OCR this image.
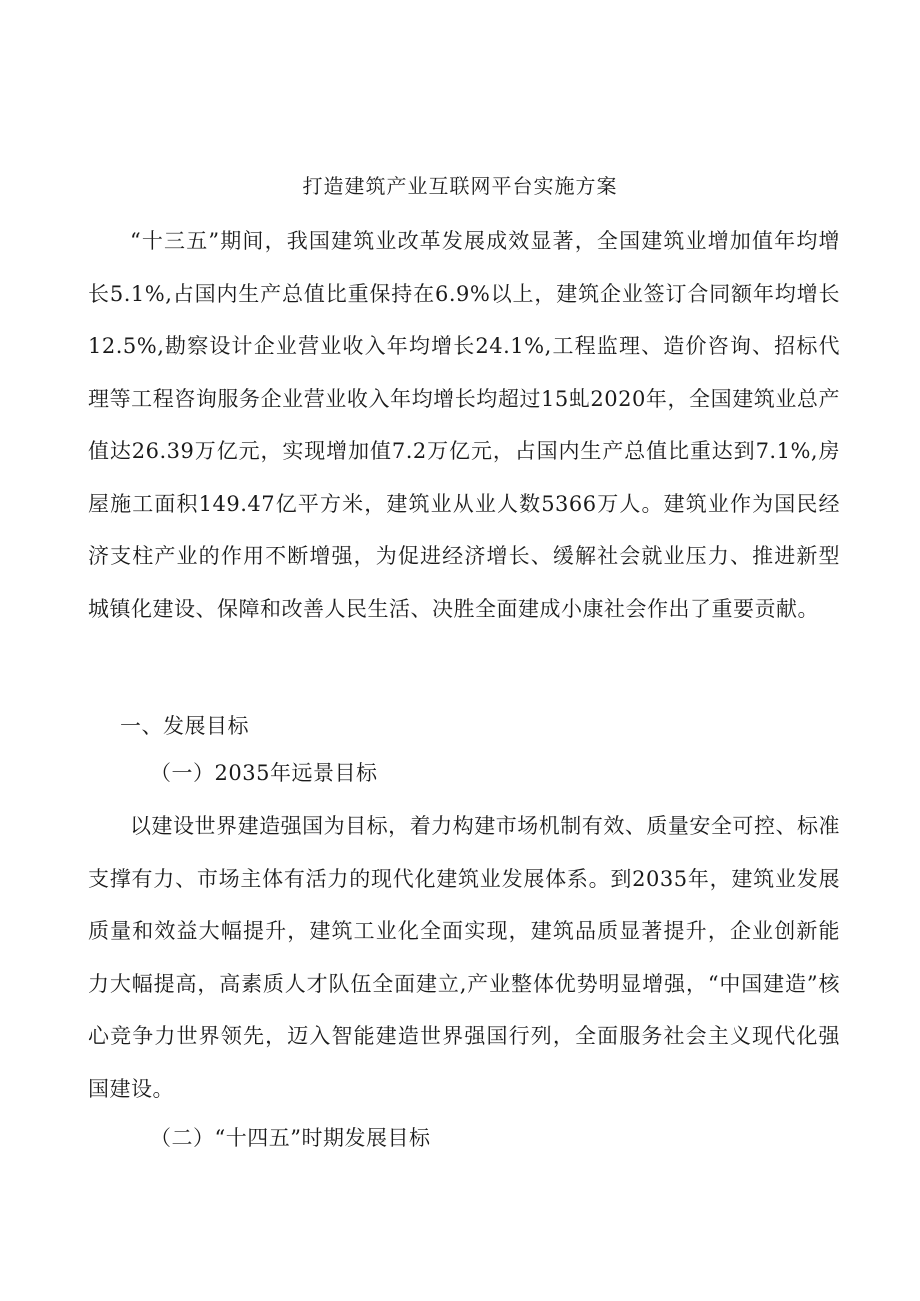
打造建筑产业互联网平台实施方案
“十三五”期间，我国建筑业改革发展成效显著，全国建筑业增加值年均增长5.1%,占国内生产总值比重保持在6.9%以上，建筑企业签订合同额年均增长12.5%,勘察设计企业营业收入年均增长24.1%,工程监理、造价咨询、招标代理等工程咨询服务企业营业收入年均增长均超过15虬2020年，全国建筑业总产值达26.39万亿元，实现增加值7.2万亿元，占国内生产总值比重达到7.1%,房屋施工面积149.47亿平方米，建筑业从业人数5366万人。建筑业作为国民经济支柱产业的作用不断增强，为促进经济增长、缓解社会就业压力、推进新型城镇化建设、保障和改善人民生活、决胜全面建成小康社会作出了重要贡献。
一、发展目标
（一）2035年远景目标
以建设世界建造强国为目标，着力构建市场机制有效、质量安全可控、标准支撑有力、市场主体有活力的现代化建筑业发展体系。到2035年，建筑业发展质量和效益大幅提升，建筑工业化全面实现，建筑品质显著提升，企业创新能力大幅提高，高素质人才队伍全面建立,产业整体优势明显增强，“中国建造”核心竞争力世界领先，迈入智能建造世界强国行列，全面服务社会主义现代化强国建设。
（二）“十四五”时期发展目标
